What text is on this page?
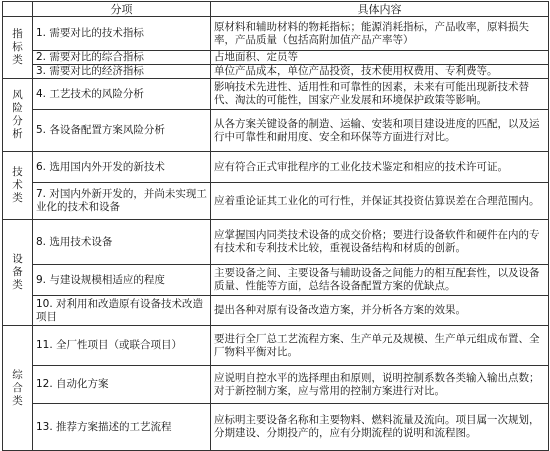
	分项	具体内容
指
标
类	1. 需要对比的技术指标	原材料和辅助材料的物耗指标；能源消耗指标，产品收率，原料损失率，产品质量（包括高附加值产品产率等）
	2. 需要对比的综合指标	占地面积、定员等
	3. 需要对比的经济指标	单位产品成本，单位产品投资，技术使用权费用、专利费等。
风
险
分
析	4. 工艺技术的风险分析	影响技术先进性、适用性和可靠性的因素，未来有可能出现新技术替代、淘汰的可能性，国家产业发展和环境保护政策等影响。
	5. 各设备配置方案风险分析	从各方案关键设备的制造、运输、安装和项目建设进度的匹配，以及运行中可靠性和耐用度、安全和环保等方面进行对比。
技
术
类	6. 选用国内外开发的新技术	应有符合正式审批程序的工业化技术鉴定和相应的技术许可证。
	7. 对国内外新开发的，并尚未实现工业化的技术和设备	应着重论证其工业化的可行性，并保证其投资估算误差在合理范围内。
设
备
类	8. 选用技术设备	应掌握国内同类技术设备的成交价格；要进行设备软件和硬件在内的专有技术和专利技术比较，重视设备结构和材质的创新。
	9. 与建设规模相适应的程度	主要设备之间、主要设备与辅助设备之间能力的相互配套性，以及设备质量、性能等方面，总结各设备配置方案的优缺点。
	10. 对利用和改造原有设备技术改造项目	提出各种对原有设备改造方案，并分析各方案的效果。
综
合
类	11. 全厂性项目（或联合项目）	要进行全厂总工艺流程方案、生产单元及规模、生产单元组成布置、全厂物料平衡对比。
	12. 自动化方案	应说明自控水平的选择理由和原则，说明控制系数各类输入输出点数；对于新控制方案，应与常用的控制方案进行对比。
	13. 推荐方案描述的工艺流程	应标明主要设备名称和主要物料、燃料流量及流向。项目属一次规划，分期建设、分期投产的，应有分期流程的说明和流程图。
